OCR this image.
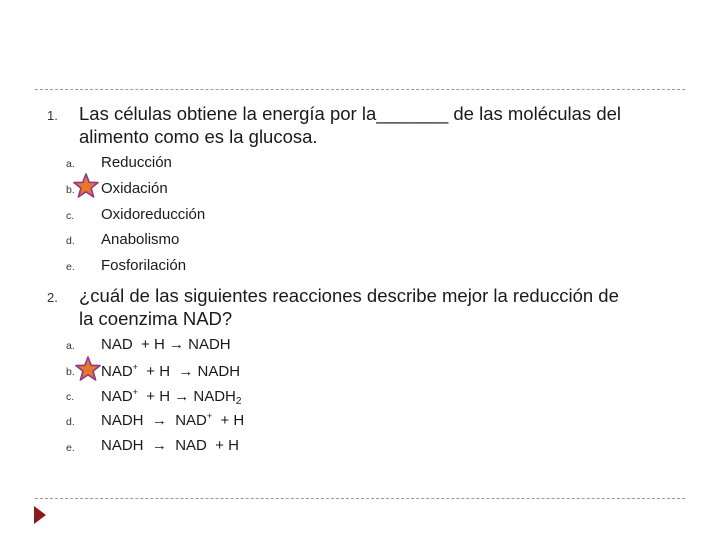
1. Las células obtiene la energía por la_______ de las moléculas del
alimento como es la glucosa.
a. Reducción
b. Oxidación
c. Oxidoreducción
d. Anabolismo
e. Fosforilación
2. ¿cuál de las siguientes reacciones describe mejor la reducción de
la coenzima NAD?
a. NAD + H → NADH
b. NAD+ + H → NADH
c. $NAD^+ + H \to NADH_2$
d. NADH → NAD+ + H
e. NADH → NAD + H
